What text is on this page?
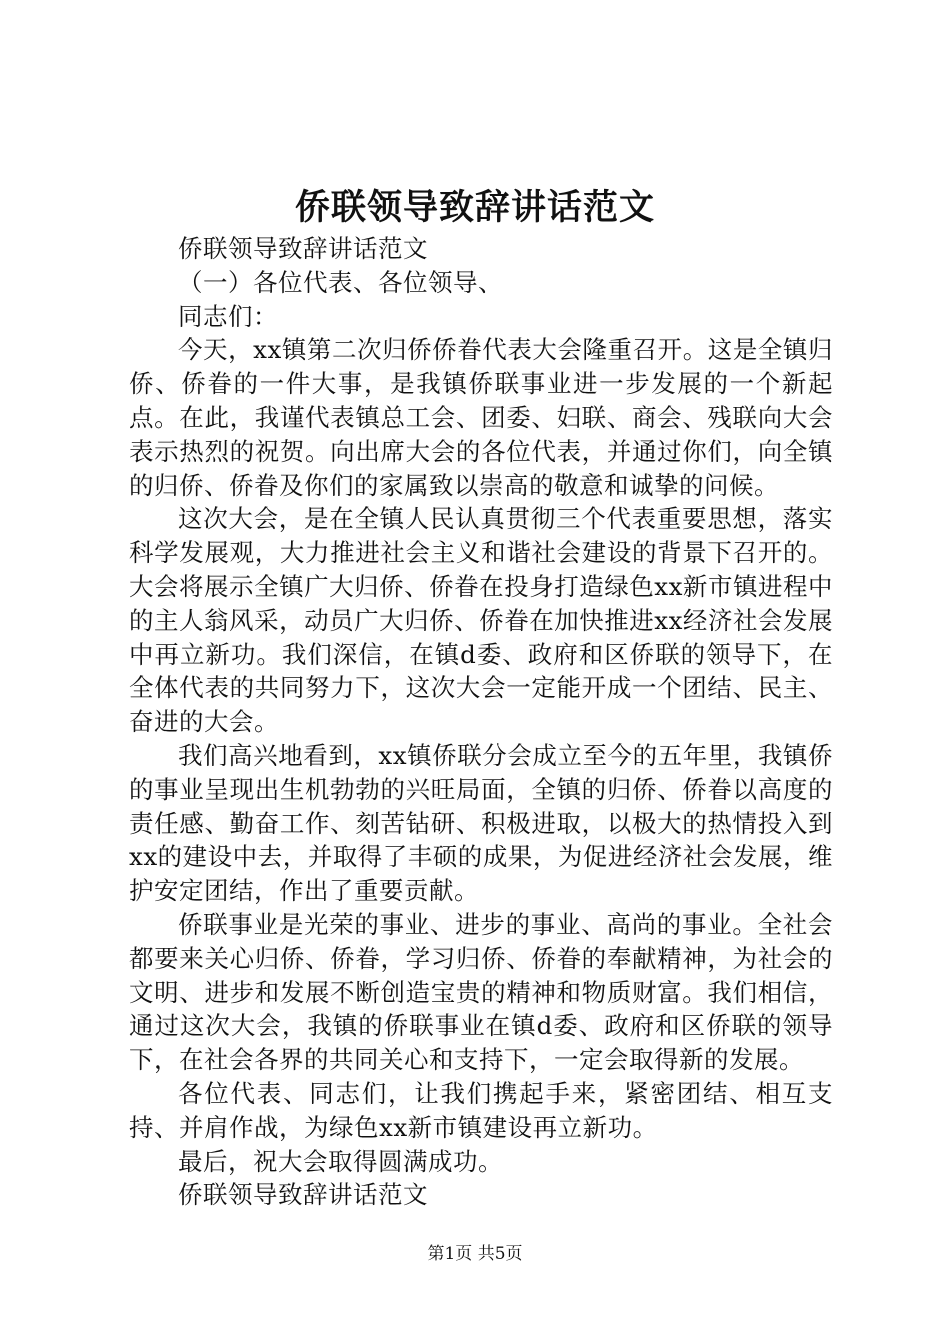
侨联领导致辞讲话范文

侨联领导致辞讲话范文

（一）各位代表、各位领导、

同志们：

今天，xx镇第二次归侨侨眷代表大会隆重召开。这是全镇归侨、侨眷的一件大事，是我镇侨联事业进一步发展的一个新起点。在此，我谨代表镇总工会、团委、妇联、商会、残联向大会表示热烈的祝贺。向出席大会的各位代表，并通过你们，向全镇的归侨、侨眷及你们的家属致以崇高的敬意和诚挚的问候。

这次大会，是在全镇人民认真贯彻三个代表重要思想，落实科学发展观，大力推进社会主义和谐社会建设的背景下召开的。大会将展示全镇广大归侨、侨眷在投身打造绿色xx新市镇进程中的主人翁风采，动员广大归侨、侨眷在加快推进xx经济社会发展中再立新功。我们深信，在镇d委、政府和区侨联的领导下，在全体代表的共同努力下，这次大会一定能开成一个团结、民主、奋进的大会。

我们高兴地看到，xx镇侨联分会成立至今的五年里，我镇侨的事业呈现出生机勃勃的兴旺局面，全镇的归侨、侨眷以高度的责任感、勤奋工作、刻苦钻研、积极进取，以极大的热情投入到xx的建设中去，并取得了丰硕的成果，为促进经济社会发展，维护安定团结，作出了重要贡献。

侨联事业是光荣的事业、进步的事业、高尚的事业。全社会都要来关心归侨、侨眷，学习归侨、侨眷的奉献精神，为社会的文明、进步和发展不断创造宝贵的精神和物质财富。我们相信，通过这次大会，我镇的侨联事业在镇d委、政府和区侨联的领导下，在社会各界的共同关心和支持下，一定会取得新的发展。

各位代表、同志们，让我们携起手来，紧密团结、相互支持、并肩作战，为绿色xx新市镇建设再立新功。

最后，祝大会取得圆满成功。

侨联领导致辞讲话范文

第1页 共5页
